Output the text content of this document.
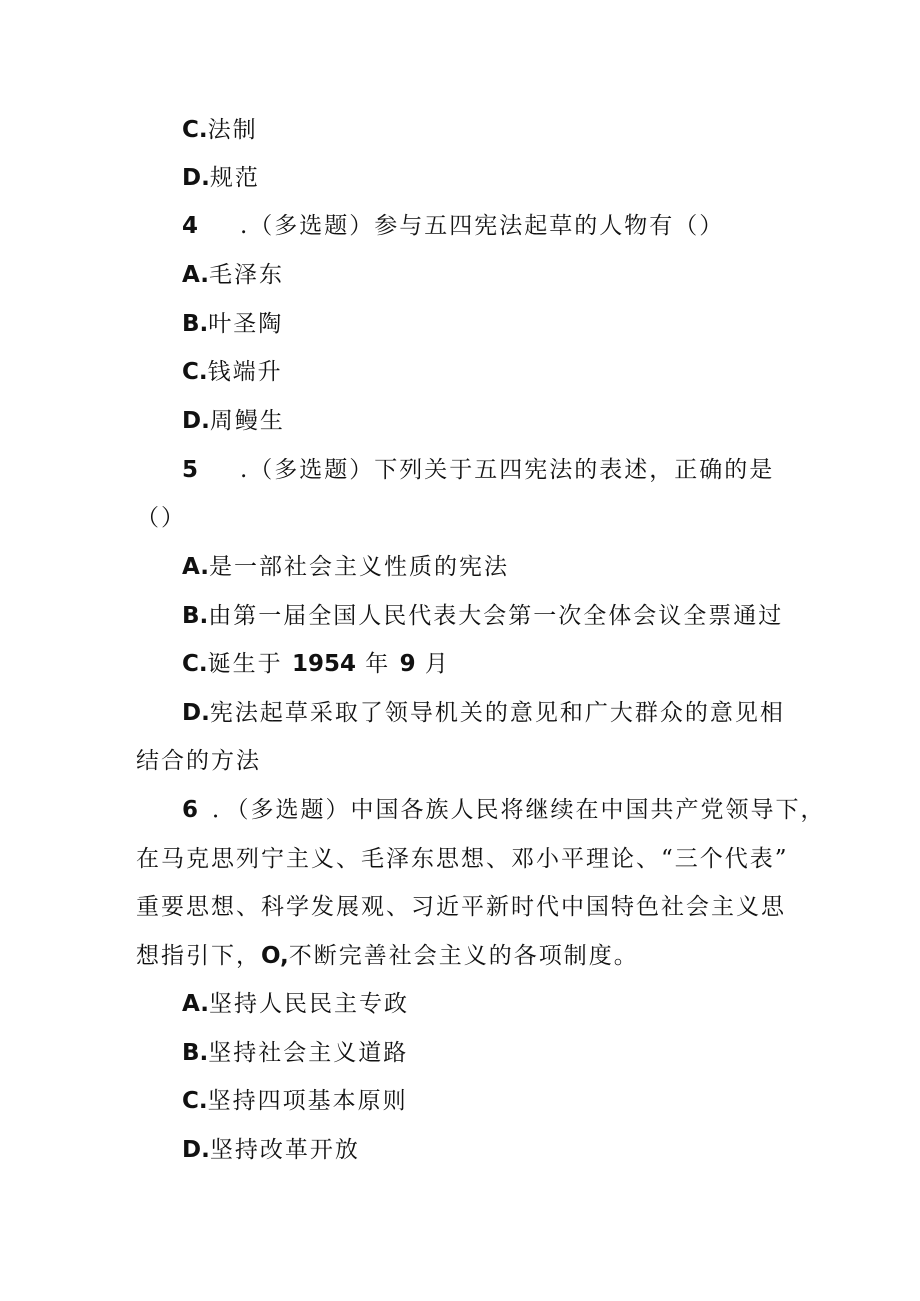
C.法制
D.规范
4 .（多选题）参与五四宪法起草的人物有（）
A.毛泽东
B.叶圣陶
C.钱端升
D.周鳗生
5 .（多选题）下列关于五四宪法的表述，正确的是
（）
A.是一部社会主义性质的宪法
B.由第一届全国人民代表大会第一次全体会议全票通过
C.诞生于 1954 年 9 月
D.宪法起草采取了领导机关的意见和广大群众的意见相
结合的方法
6 ．（多选题）中国各族人民将继续在中国共产党领导下，
在马克思列宁主义、毛泽东思想、邓小平理论、“三个代表”
重要思想、科学发展观、习近平新时代中国特色社会主义思
想指引下，O,不断完善社会主义的各项制度。
A.坚持人民民主专政
B.坚持社会主义道路
C.坚持四项基本原则
D.坚持改革开放
